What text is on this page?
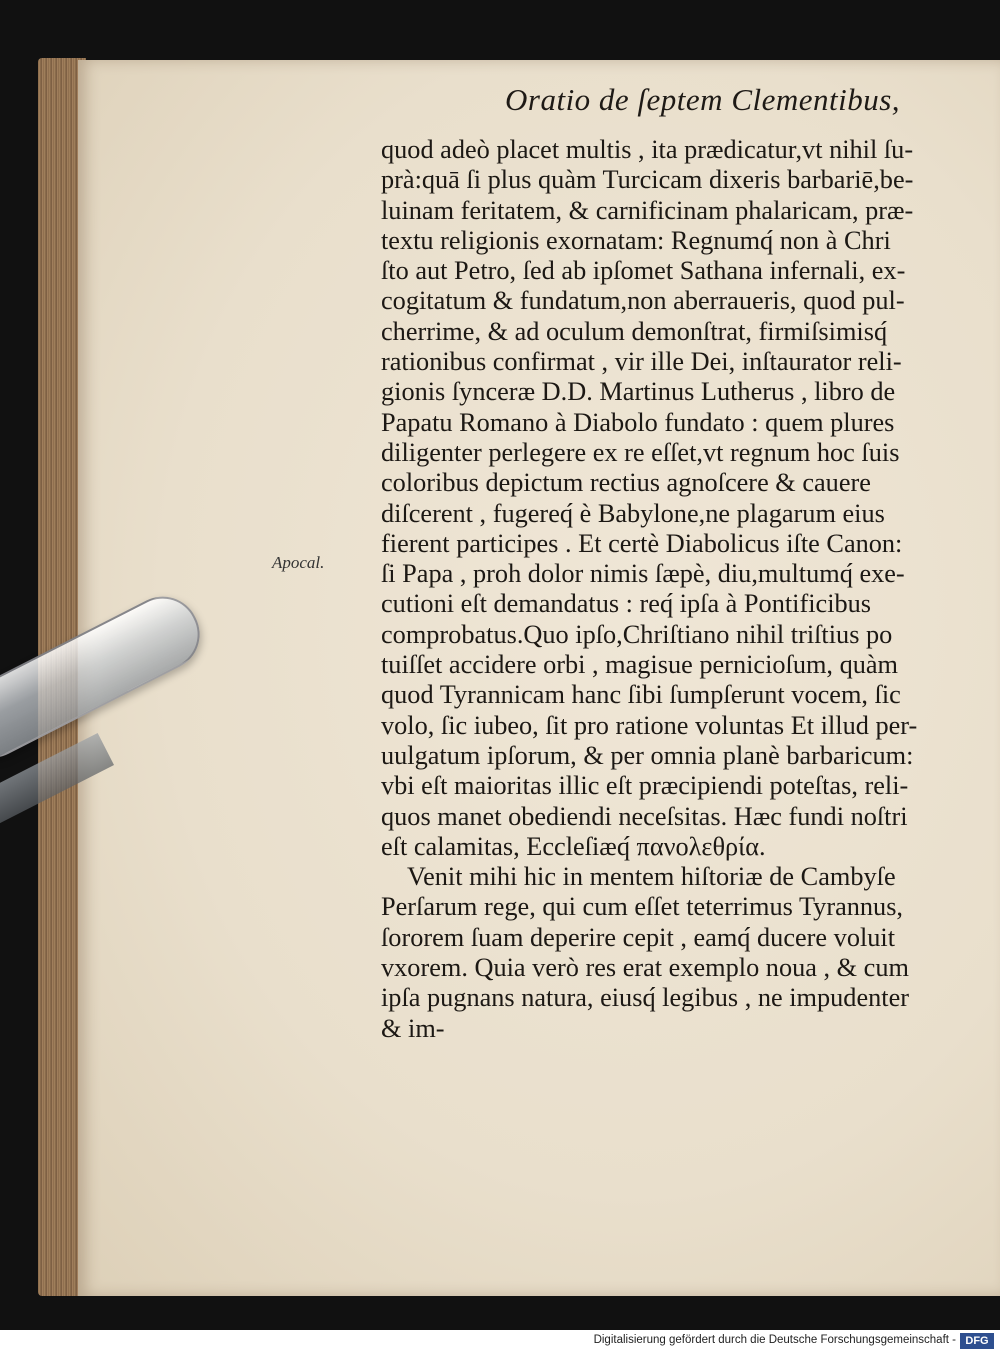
Oratio de ſeptem Clementibus,
Apocal.
quod adeò placet multis , ita prædicatur,vt nihil ſu-
prà:quā ſi plus quàm Turcicam dixeris barbariē,be-
luinam feritatem, & carnificinam phalaricam, præ-
textu religionis exornatam: Regnumq́ non à Chri
ſto aut Petro, ſed ab ipſomet Sathana infernali, ex-
cogitatum & fundatum,non aberraueris, quod pul-
cherrime, & ad oculum demonſtrat, firmiſsimisq́
rationibus confirmat , vir ille Dei, inſtaurator reli-
gionis ſynceræ D.D. Martinus Lutherus , libro de
Papatu Romano à Diabolo fundato : quem plures
diligenter perlegere ex re eſſet,vt regnum hoc ſuis
coloribus depictum rectius agnoſcere & cauere
diſcerent , fugereq́ è Babylone,ne plagarum eius
fierent participes . Et certè Diabolicus iſte Canon:
ſi Papa , proh dolor nimis ſæpè, diu,multumq́ exe-
cutioni eſt demandatus : req́ ipſa à Pontificibus
comprobatus.Quo ipſo,Chriſtiano nihil triſtius po
tuiſſet accidere orbi , magisue pernicioſum, quàm
quod Tyrannicam hanc ſibi ſumpſerunt vocem, ſic
volo, ſic iubeo, ſit pro ratione voluntas Et illud per-
uulgatum ipſorum, & per omnia planè barbaricum:
vbi eſt maioritas illic eſt præcipiendi poteſtas, reli-
quos manet obediendi neceſsitas. Hæc fundi noſtri
eſt calamitas, Eccleſiæq́ πανολεθρία.
Venit mihi hic in mentem hiſtoriæ de Cambyſe
Perſarum rege, qui cum eſſet teterrimus Tyrannus,
ſororem ſuam deperire cepit , eamq́ ducere voluit
vxorem. Quia verò res erat exemplo noua , & cum
ipſa pugnans natura, eiusq́ legibus , ne impudenter
& im-
Digitalisierung gefördert durch die Deutsche Forschungsgemeinschaft - DFG
